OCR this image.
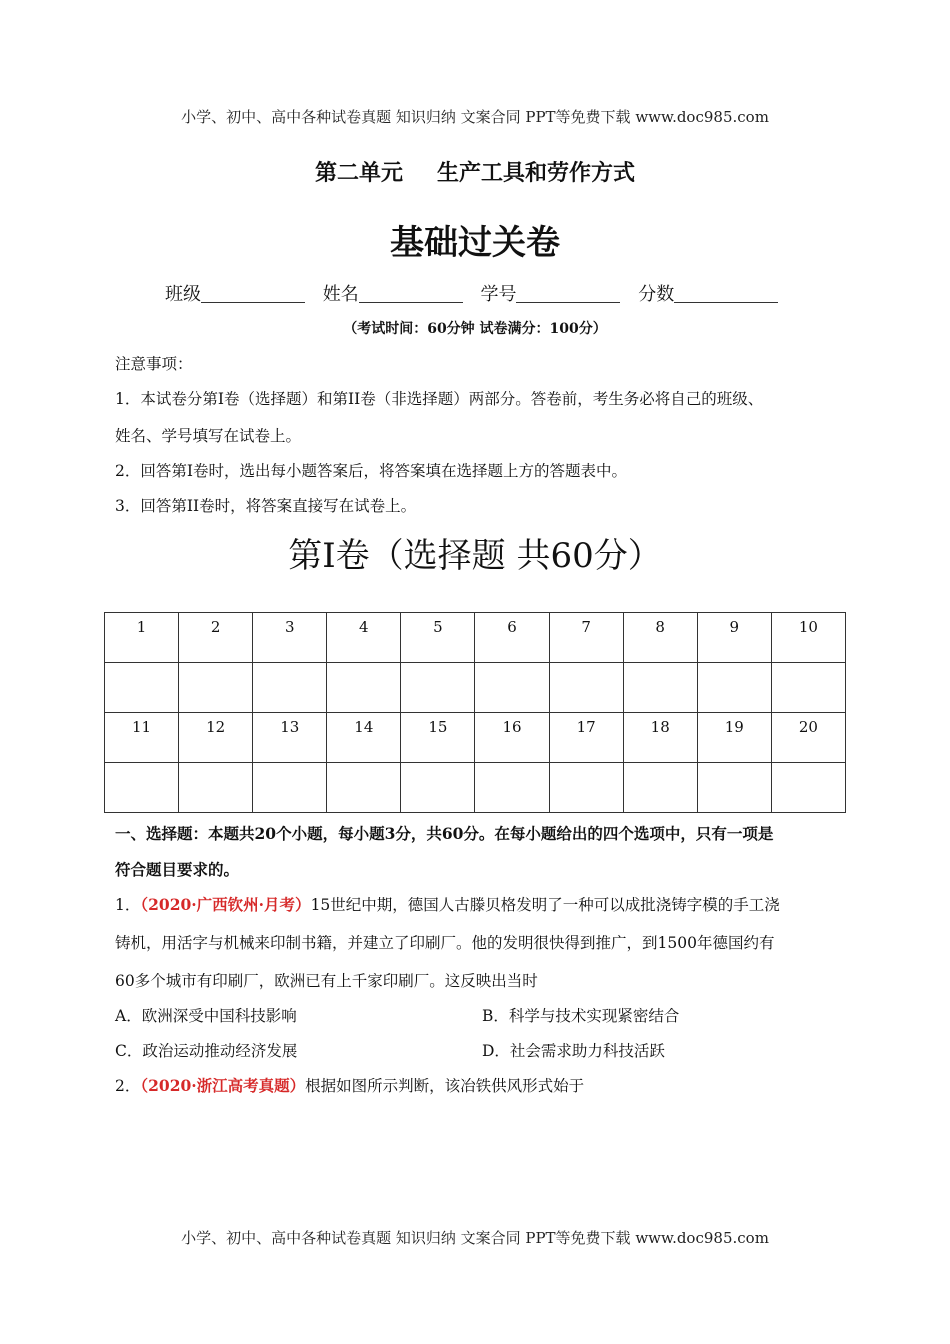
小学、初中、高中各种试卷真题 知识归纳 文案合同 PPT等免费下载 www.doc985.com
第二单元 生产工具和劳作方式
基础过关卷
班级	姓名	学号	分数
（考试时间：60分钟 试卷满分：100分）
注意事项：
1．本试卷分第I卷（选择题）和第II卷（非选择题）两部分。答卷前，考生务必将自己的班级、
姓名、学号填写在试卷上。
2．回答第I卷时，选出每小题答案后，将答案填在选择题上方的答题表中。
3．回答第II卷时，将答案直接写在试卷上。
第I卷（选择题 共60分）
1	2	3	4	5	6	7	8	9	10

11	12	13	14	15	16	17	18	19	20

一、选择题：本题共20个小题，每小题3分，共60分。在每小题给出的四个选项中，只有一项是
符合题目要求的。
1．（2020·广西钦州·月考）15世纪中期，德国人古滕贝格发明了一种可以成批浇铸字模的手工浇
铸机，用活字与机械来印制书籍，并建立了印刷厂。他的发明很快得到推广，到1500年德国约有
60多个城市有印刷厂，欧洲已有上千家印刷厂。这反映出当时
A．欧洲深受中国科技影响	B．科学与技术实现紧密结合
C．政治运动推动经济发展	D．社会需求助力科技活跃
2．（2020·浙江高考真题）根据如图所示判断，该冶铁供风形式始于
小学、初中、高中各种试卷真题 知识归纳 文案合同 PPT等免费下载 www.doc985.com
